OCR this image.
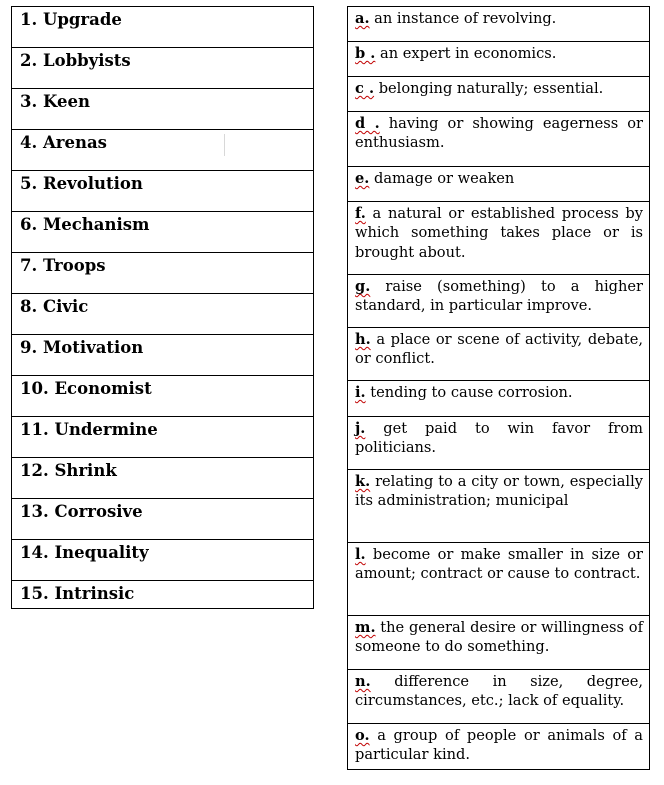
1. Upgrade
2. Lobbyists
3. Keen
4. Arenas
5. Revolution
6. Mechanism
7. Troops
8. Civic
9. Motivation
10. Economist
11. Undermine
12. Shrink
13. Corrosive
14. Inequality
15. Intrinsic
a. an instance of revolving.
b . an expert in economics.
c . belonging naturally; essential.
d . having or showing eagerness or enthusiasm.
e. damage or weaken
f. a natural or established process by which something takes place or is brought about.
g. raise (something) to a higher standard, in particular improve.
h. a place or scene of activity, debate, or conflict.
i. tending to cause corrosion.
j. get paid to win favor from politicians.
k. relating to a city or town, especially its administration; municipal
l. become or make smaller in size or amount; contract or cause to contract.
m. the general desire or willingness of someone to do something.
n. difference in size, degree, circumstances, etc.; lack of equality.
o. a group of people or animals of a particular kind.
